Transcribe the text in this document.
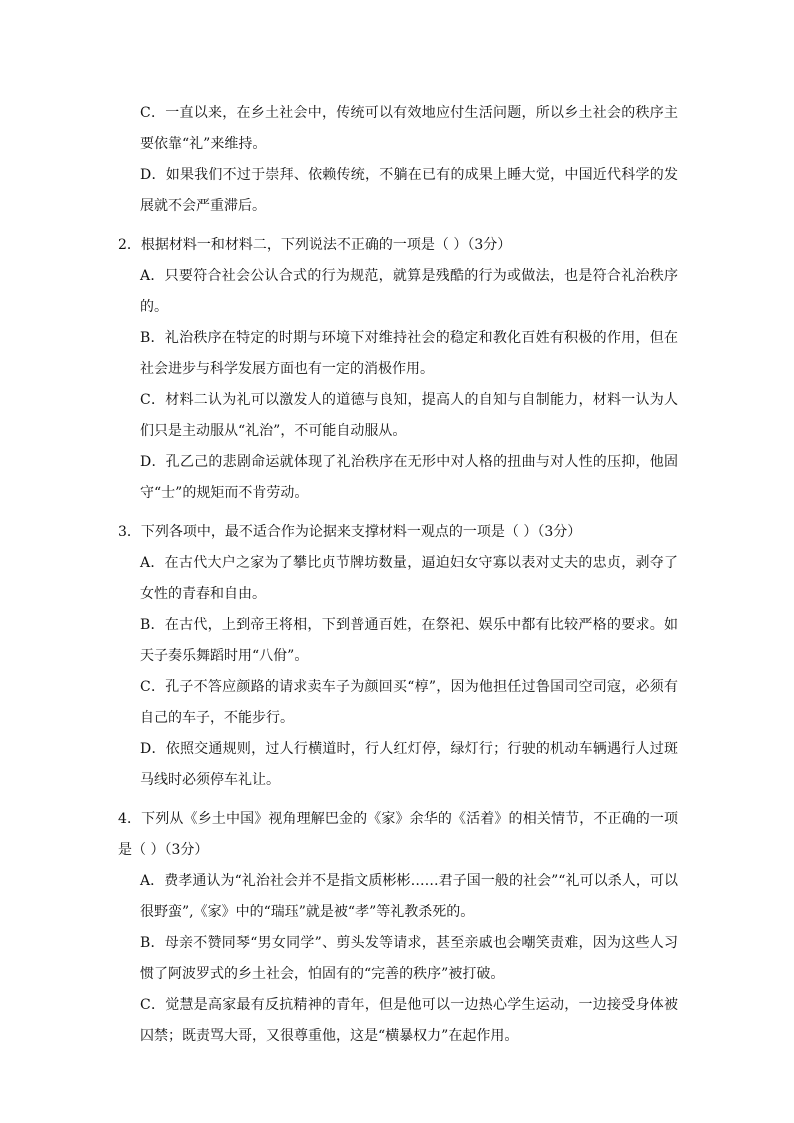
C．一直以来，在乡土社会中，传统可以有效地应付生活问题，所以乡土社会的秩序主要依靠“礼”来维持。

D．如果我们不过于崇拜、依赖传统，不躺在已有的成果上睡大觉，中国近代科学的发展就不会严重滞后。

2．根据材料一和材料二，下列说法不正确的一项是（ ）（3分）

A．只要符合社会公认合式的行为规范，就算是残酷的行为或做法，也是符合礼治秩序的。

B．礼治秩序在特定的时期与环境下对维持社会的稳定和教化百姓有积极的作用，但在社会进步与科学发展方面也有一定的消极作用。

C．材料二认为礼可以激发人的道德与良知，提高人的自知与自制能力，材料一认为人们只是主动服从“礼治”，不可能自动服从。

D．孔乙己的悲剧命运就体现了礼治秩序在无形中对人格的扭曲与对人性的压抑，他固守“士”的规矩而不肯劳动。

3．下列各项中，最不适合作为论据来支撑材料一观点的一项是（ ）（3分）

A．在古代大户之家为了攀比贞节牌坊数量，逼迫妇女守寡以表对丈夫的忠贞，剥夺了女性的青春和自由。

B．在古代，上到帝王将相，下到普通百姓，在祭祀、娱乐中都有比较严格的要求。如天子奏乐舞蹈时用“八佾”。

C．孔子不答应颜路的请求卖车子为颜回买“椁”，因为他担任过鲁国司空司寇，必须有自己的车子，不能步行。

D．依照交通规则，过人行横道时，行人红灯停，绿灯行；行驶的机动车辆遇行人过斑马线时必须停车礼让。

4．下列从《乡土中国》视角理解巴金的《家》余华的《活着》的相关情节，不正确的一项是（ ）（3分）

A．费孝通认为“礼治社会并不是指文质彬彬……君子国一般的社会”“礼可以杀人，可以很野蛮”,《家》中的“瑞珏”就是被“孝”等礼教杀死的。

B．母亲不赞同琴“男女同学”、剪头发等请求，甚至亲戚也会嘲笑责难，因为这些人习惯了阿波罗式的乡土社会，怕固有的“完善的秩序”被打破。

C．觉慧是高家最有反抗精神的青年，但是他可以一边热心学生运动，一边接受身体被囚禁；既责骂大哥，又很尊重他，这是“横暴权力”在起作用。
